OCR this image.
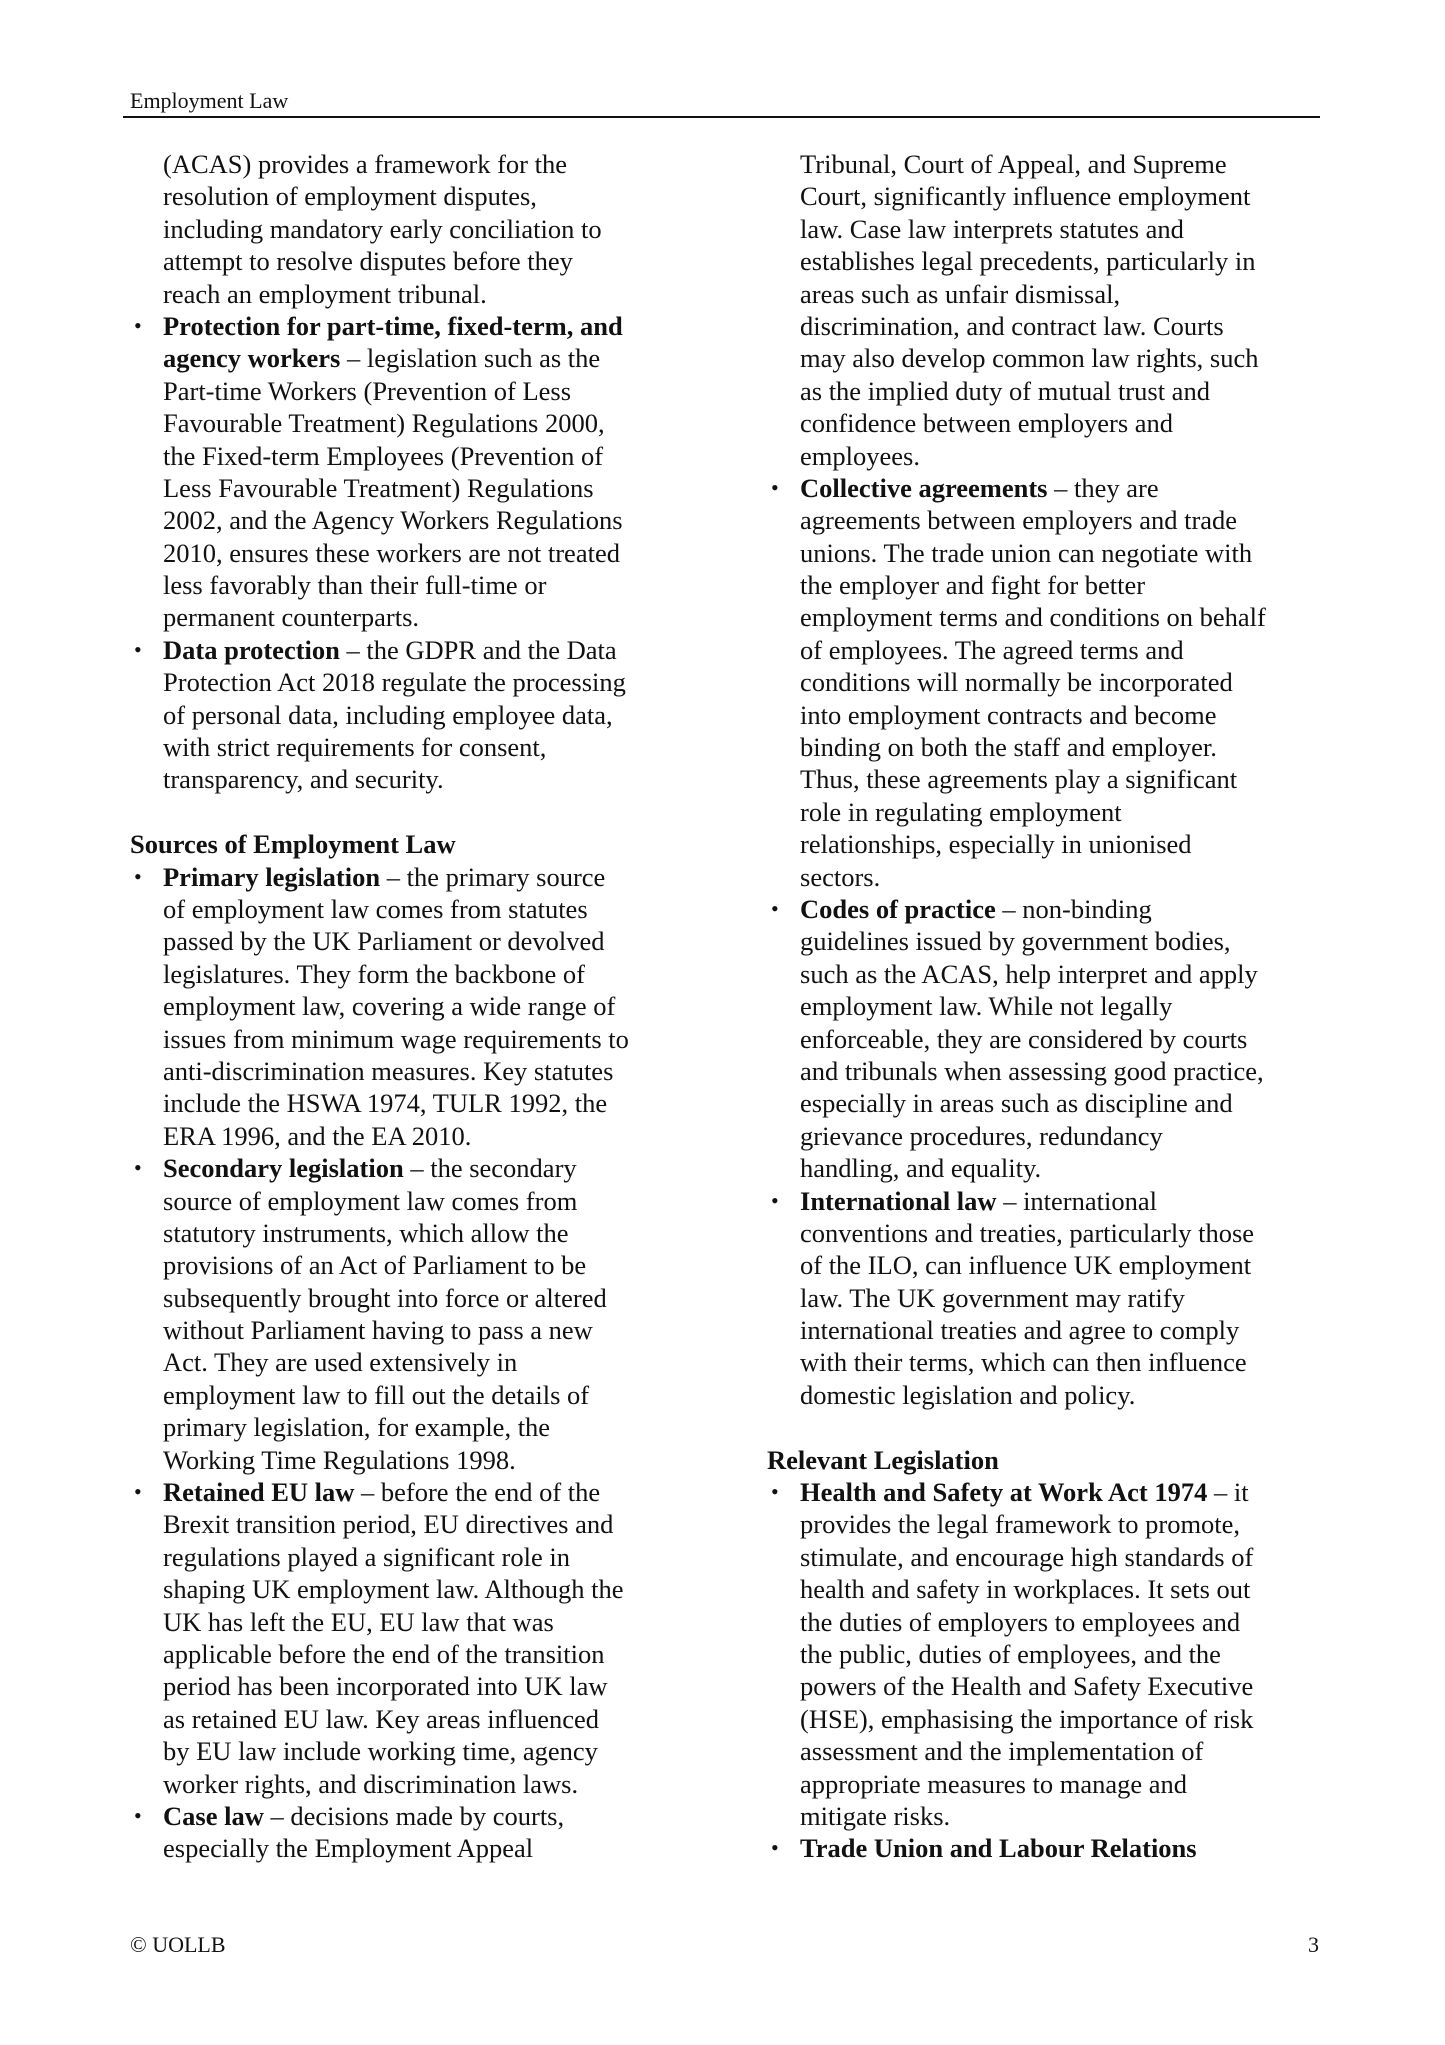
Employment Law
(ACAS) provides a framework for the
resolution of employment disputes,
including mandatory early conciliation to
attempt to resolve disputes before they
reach an employment tribunal.
• Protection for part-time, fixed-term, and
agency workers – legislation such as the
Part-time Workers (Prevention of Less
Favourable Treatment) Regulations 2000,
the Fixed-term Employees (Prevention of
Less Favourable Treatment) Regulations
2002, and the Agency Workers Regulations
2010, ensures these workers are not treated
less favorably than their full-time or
permanent counterparts.
• Data protection – the GDPR and the Data
Protection Act 2018 regulate the processing
of personal data, including employee data,
with strict requirements for consent,
transparency, and security.
Sources of Employment Law
• Primary legislation – the primary source
of employment law comes from statutes
passed by the UK Parliament or devolved
legislatures. They form the backbone of
employment law, covering a wide range of
issues from minimum wage requirements to
anti-discrimination measures. Key statutes
include the HSWA 1974, TULR 1992, the
ERA 1996, and the EA 2010.
• Secondary legislation – the secondary
source of employment law comes from
statutory instruments, which allow the
provisions of an Act of Parliament to be
subsequently brought into force or altered
without Parliament having to pass a new
Act. They are used extensively in
employment law to fill out the details of
primary legislation, for example, the
Working Time Regulations 1998.
• Retained EU law – before the end of the
Brexit transition period, EU directives and
regulations played a significant role in
shaping UK employment law. Although the
UK has left the EU, EU law that was
applicable before the end of the transition
period has been incorporated into UK law
as retained EU law. Key areas influenced
by EU law include working time, agency
worker rights, and discrimination laws.
• Case law – decisions made by courts,
especially the Employment Appeal
Tribunal, Court of Appeal, and Supreme
Court, significantly influence employment
law. Case law interprets statutes and
establishes legal precedents, particularly in
areas such as unfair dismissal,
discrimination, and contract law. Courts
may also develop common law rights, such
as the implied duty of mutual trust and
confidence between employers and
employees.
• Collective agreements – they are
agreements between employers and trade
unions. The trade union can negotiate with
the employer and fight for better
employment terms and conditions on behalf
of employees. The agreed terms and
conditions will normally be incorporated
into employment contracts and become
binding on both the staff and employer.
Thus, these agreements play a significant
role in regulating employment
relationships, especially in unionised
sectors.
• Codes of practice – non-binding
guidelines issued by government bodies,
such as the ACAS, help interpret and apply
employment law. While not legally
enforceable, they are considered by courts
and tribunals when assessing good practice,
especially in areas such as discipline and
grievance procedures, redundancy
handling, and equality.
• International law – international
conventions and treaties, particularly those
of the ILO, can influence UK employment
law. The UK government may ratify
international treaties and agree to comply
with their terms, which can then influence
domestic legislation and policy.
Relevant Legislation
• Health and Safety at Work Act 1974 – it
provides the legal framework to promote,
stimulate, and encourage high standards of
health and safety in workplaces. It sets out
the duties of employers to employees and
the public, duties of employees, and the
powers of the Health and Safety Executive
(HSE), emphasising the importance of risk
assessment and the implementation of
appropriate measures to manage and
mitigate risks.
• Trade Union and Labour Relations
© UOLLB	3
